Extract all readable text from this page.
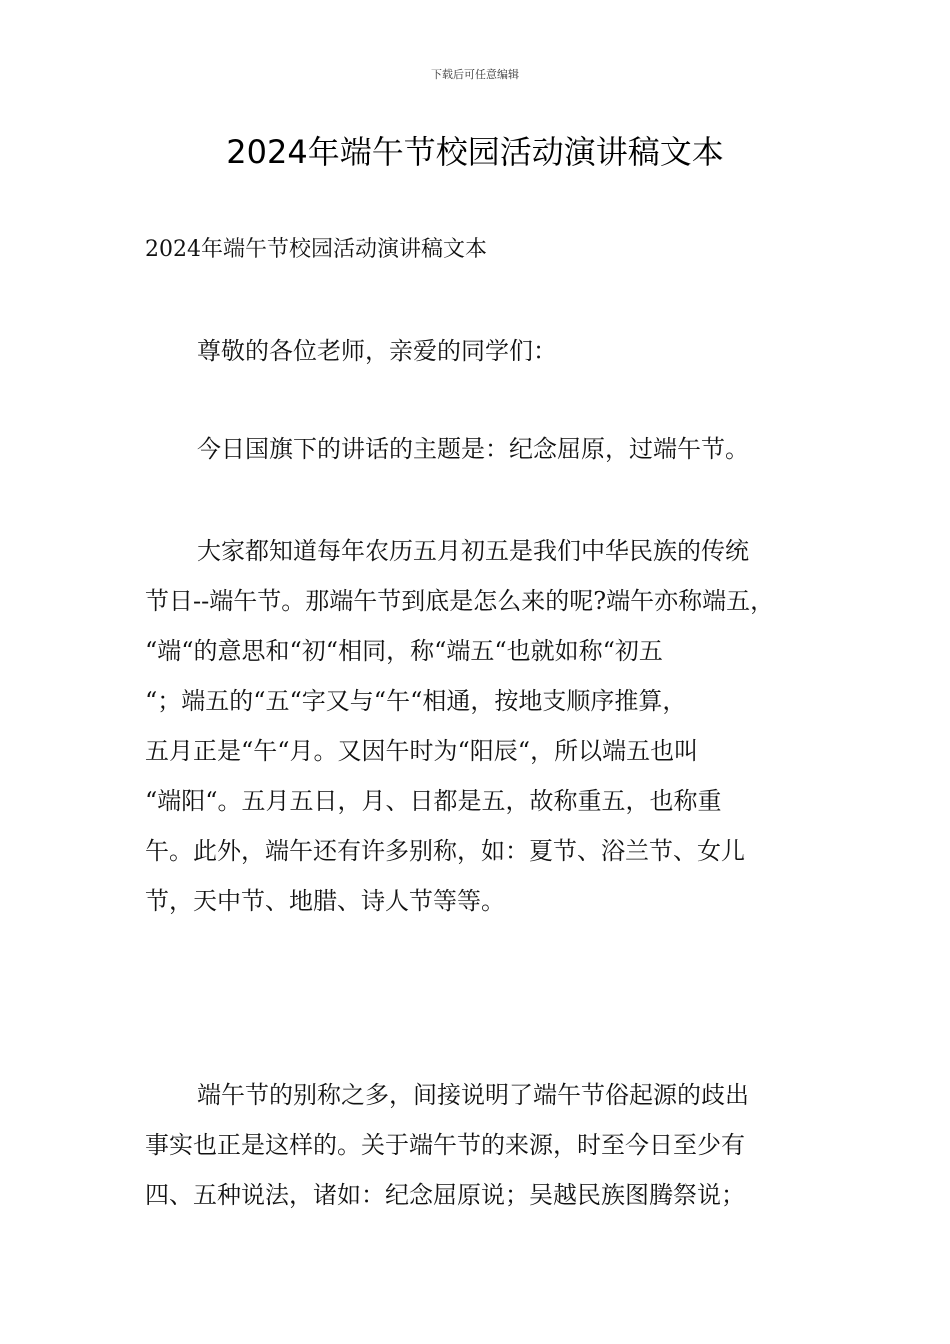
下载后可任意编辑
2024年端午节校园活动演讲稿文本
2024年端午节校园活动演讲稿文本
尊敬的各位老师，亲爱的同学们：
今日国旗下的讲话的主题是：纪念屈原，过端午节。
大家都知道每年农历五月初五是我们中华民族的传统
节日--端午节。那端午节到底是怎么来的呢?端午亦称端五，
“端“的意思和“初“相同，称“端五“也就如称“初五
“；端五的“五“字又与“午“相通，按地支顺序推算，
五月正是“午“月。又因午时为“阳辰“，所以端五也叫
“端阳“。五月五日，月、日都是五，故称重五，也称重
午。此外，端午还有许多别称，如：夏节、浴兰节、女儿
节，天中节、地腊、诗人节等等。
端午节的别称之多，间接说明了端午节俗起源的歧出
事实也正是这样的。关于端午节的来源，时至今日至少有
四、五种说法，诸如：纪念屈原说；吴越民族图腾祭说；
